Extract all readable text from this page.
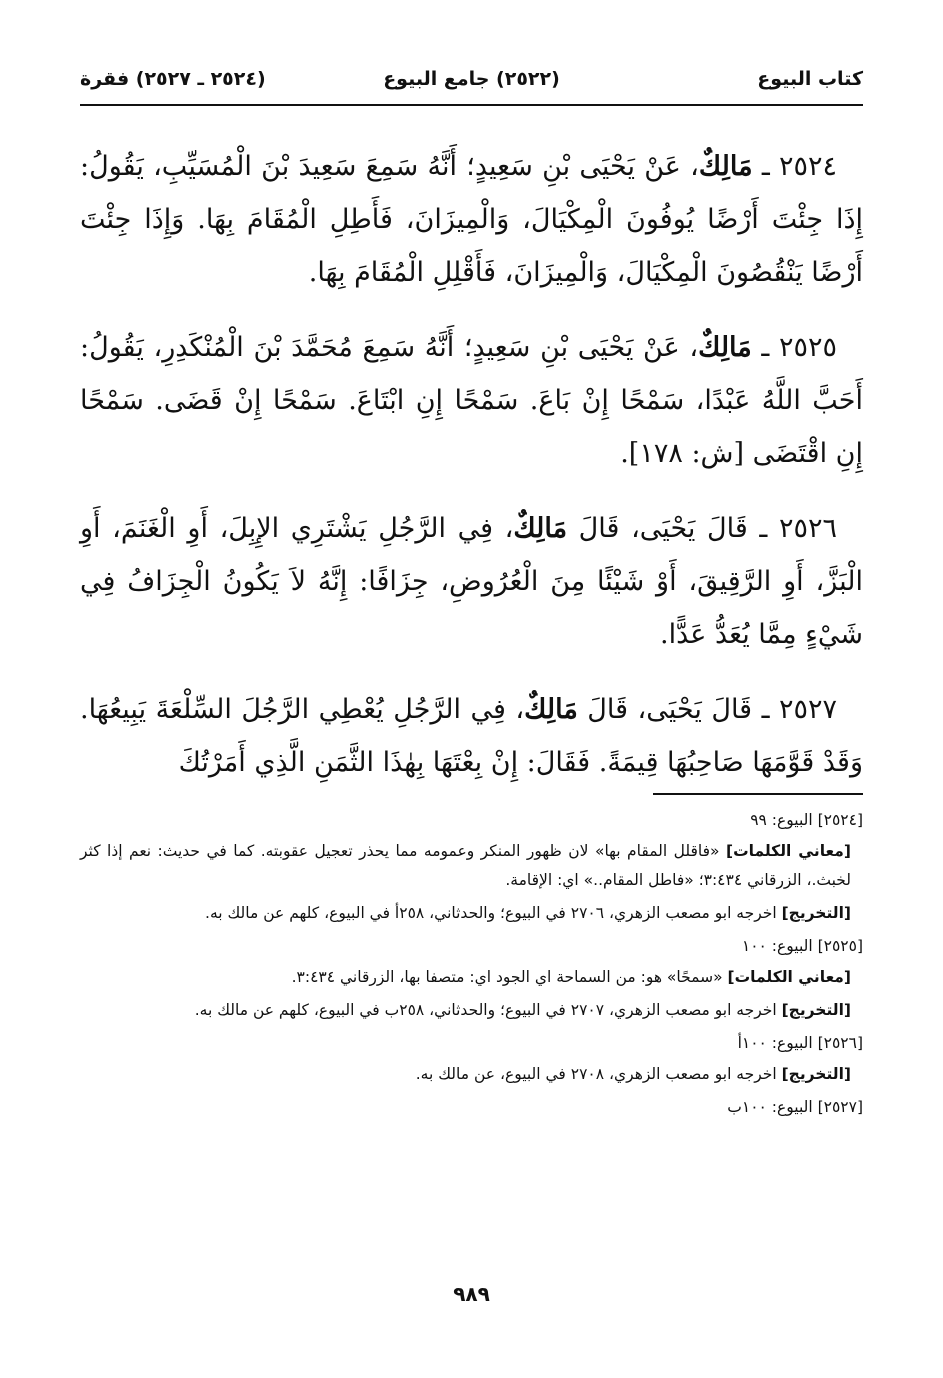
كتاب البيوع
(٢٥٢٢) جامع البيوع
(٢٥٢٤ ـ ٢٥٢٧) فقرة

٢٥٢٤ ـ مَالِكٌ، عَنْ يَحْيَى بْنِ سَعِيدٍ؛ أَنَّهُ سَمِعَ سَعِيدَ بْنَ الْمُسَيِّبِ، يَقُولُ: إِذَا جِئْتَ أَرْضًا يُوفُونَ الْمِكْيَالَ، وَالْمِيزَانَ، فَأَطِلِ الْمُقَامَ بِهَا. وَإِذَا جِئْتَ أَرْضًا يَنْقُصُونَ الْمِكْيَالَ، وَالْمِيزَانَ، فَأَقْلِلِ الْمُقَامَ بِهَا.

٢٥٢٥ ـ مَالِكٌ، عَنْ يَحْيَى بْنِ سَعِيدٍ؛ أَنَّهُ سَمِعَ مُحَمَّدَ بْنَ الْمُنْكَدِرِ، يَقُولُ: أَحَبَّ اللَّهُ عَبْدًا، سَمْحًا إِنْ بَاعَ. سَمْحًا إِنِ ابْتَاعَ. سَمْحًا إِنْ قَضَى. سَمْحًا إِنِ اقْتَضَى [ش: ١٧٨].

٢٥٢٦ ـ قَالَ يَحْيَى، قَالَ مَالِكٌ، فِي الرَّجُلِ يَشْتَرِي الإِبِلَ، أَوِ الْغَنَمَ، أَوِ الْبَزَّ، أَوِ الرَّقِيقَ، أَوْ شَيْئًا مِنَ الْعُرُوضِ، جِزَافًا: إِنَّهُ لاَ يَكُونُ الْجِزَافُ فِي شَيْءٍ مِمَّا يُعَدُّ عَدًّا.

٢٥٢٧ ـ قَالَ يَحْيَى، قَالَ مَالِكٌ، فِي الرَّجُلِ يُعْطِي الرَّجُلَ السِّلْعَةَ يَبِيعُهَا. وَقَدْ قَوَّمَهَا صَاحِبُهَا قِيمَةً. فَقَالَ: إِنْ بِعْتَهَا بِهٰذَا الثَّمَنِ الَّذِي أَمَرْتُكَ

[٢٥٢٤] البيوع: ٩٩
[معاني الكلمات] «فاقلل المقام بها» لان ظهور المنكر وعمومه مما يحذر تعجيل عقوبته. كما في حديث: نعم إذا كثر لخبث.، الزرقاني ٣:٤٣٤؛ «فاطل المقام..» اي: الإقامة.
[التخريج] اخرجه ابو مصعب الزهري، ٢٧٠٦ في البيوع؛ والحدثاني، ٢٥٨أ في البيوع، كلهم عن مالك به.
[٢٥٢٥] البيوع: ١٠٠
[معاني الكلمات] «سمحًا» هو: من السماحة اي الجود اي: متصفا بها، الزرقاني ٣:٤٣٤.
[التخريج] اخرجه ابو مصعب الزهري، ٢٧٠٧ في البيوع؛ والحدثاني، ٢٥٨ب في البيوع، كلهم عن مالك به.
[٢٥٢٦] البيوع: ١٠٠أ
[التخريج] اخرجه ابو مصعب الزهري، ٢٧٠٨ في البيوع، عن مالك به.
[٢٥٢٧] البيوع: ١٠٠ب
٩٨٩
